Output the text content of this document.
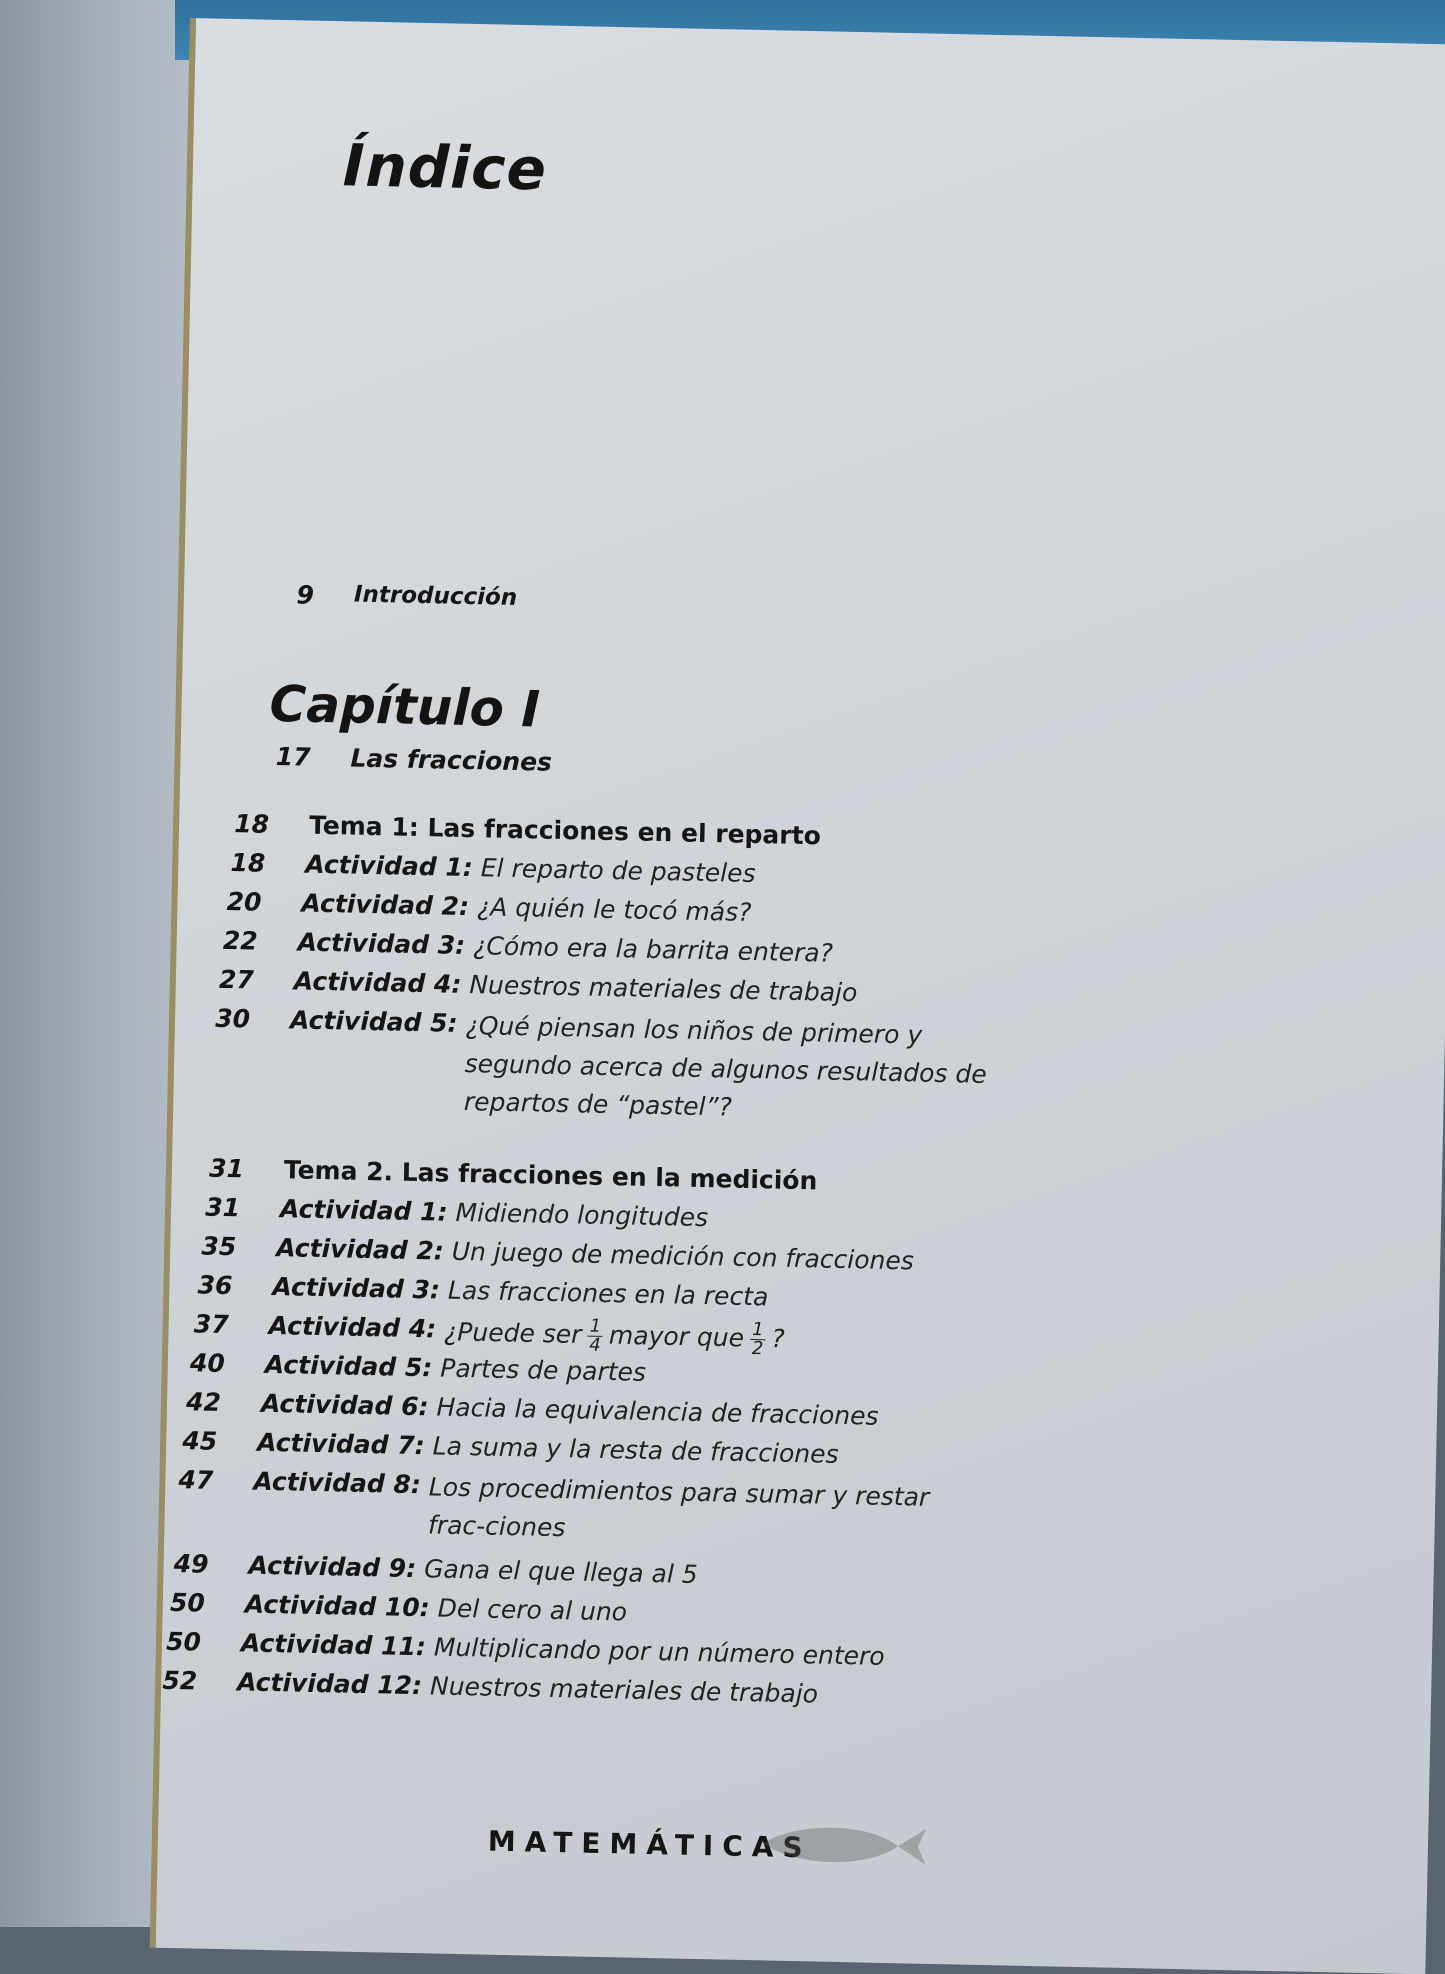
Índice
9	Introducción
Capítulo I
17	Las fracciones
18	Tema 1: Las fracciones en el reparto
18	Actividad 1: El reparto de pasteles
20	Actividad 2: ¿A quién le tocó más?
22	Actividad 3: ¿Cómo era la barrita entera?
27	Actividad 4: Nuestros materiales de trabajo
30	Actividad 5: ¿Qué piensan los niños de primero y segundo acerca de algunos resultados de repartos de “pastel”?
31	Tema 2. Las fracciones en la medición
31	Actividad 1: Midiendo longitudes
35	Actividad 2: Un juego de medición con fracciones
36	Actividad 3: Las fracciones en la recta
37	Actividad 4: ¿Puede ser $\frac{1}{4}$ mayor que $\frac{1}{2}$ ?
40	Actividad 5: Partes de partes
42	Actividad 6: Hacia la equivalencia de fracciones
45	Actividad 7: La suma y la resta de fracciones
47	Actividad 8: Los procedimientos para sumar y restar frac-ciones
49	Actividad 9: Gana el que llega al 5
50	Actividad 10: Del cero al uno
50	Actividad 11: Multiplicando por un número entero
52	Actividad 12: Nuestros materiales de trabajo
MATEMÁTICAS
